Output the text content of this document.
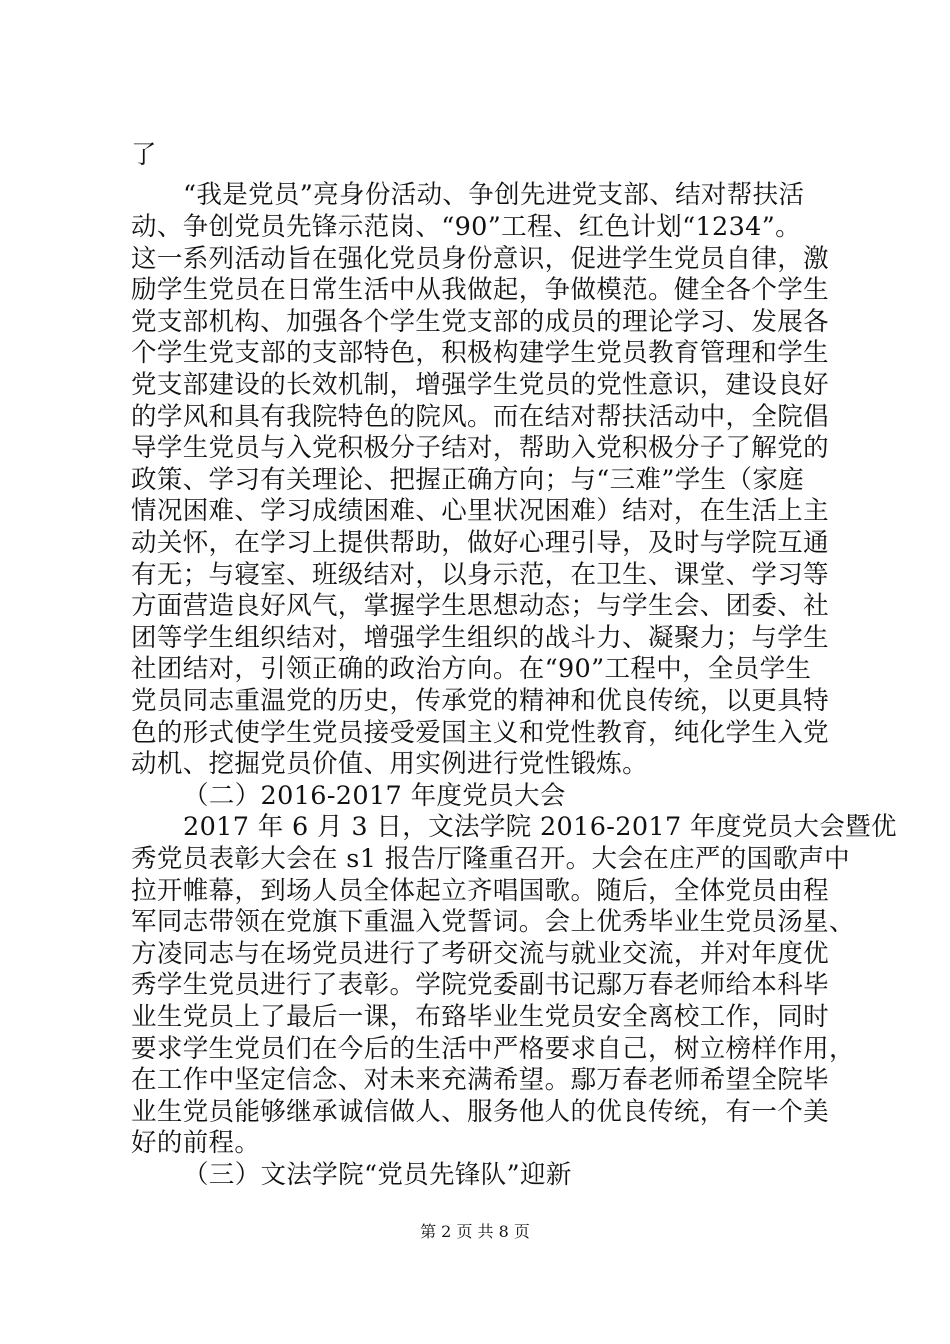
了
“我是党员”亮身份活动、争创先进党支部、结对帮扶活
动、争创党员先锋示范岗、“90”工程、红色计划“1234”。
这一系列活动旨在强化党员身份意识，促进学生党员自律，激
励学生党员在日常生活中从我做起，争做模范。健全各个学生
党支部机构、加强各个学生党支部的成员的理论学习、发展各
个学生党支部的支部特色，积极构建学生党员教育管理和学生
党支部建设的长效机制，增强学生党员的党性意识，建设良好
的学风和具有我院特色的院风。而在结对帮扶活动中，全院倡
导学生党员与入党积极分子结对，帮助入党积极分子了解党的
政策、学习有关理论、把握正确方向；与“三难”学生（家庭
情况困难、学习成绩困难、心里状况困难）结对，在生活上主
动关怀，在学习上提供帮助，做好心理引导，及时与学院互通
有无；与寝室、班级结对，以身示范，在卫生、课堂、学习等
方面营造良好风气，掌握学生思想动态；与学生会、团委、社
团等学生组织结对，增强学生组织的战斗力、凝聚力；与学生
社团结对，引领正确的政治方向。在“90”工程中，全员学生
党员同志重温党的历史，传承党的精神和优良传统，以更具特
色的形式使学生党员接受爱国主义和党性教育，纯化学生入党
动机、挖掘党员价值、用实例进行党性锻炼。
（二）2016-2017 年度党员大会
2017 年 6 月 3 日，文法学院 2016-2017 年度党员大会暨优
秀党员表彰大会在 s1 报告厅隆重召开。大会在庄严的国歌声中
拉开帷幕，到场人员全体起立齐唱国歌。随后，全体党员由程
军同志带领在党旗下重温入党誓词。会上优秀毕业生党员汤星、
方凌同志与在场党员进行了考研交流与就业交流，并对年度优
秀学生党员进行了表彰。学院党委副书记鄢万春老师给本科毕
业生党员上了最后一课，布臵毕业生党员安全离校工作，同时
要求学生党员们在今后的生活中严格要求自己，树立榜样作用，
在工作中坚定信念、对未来充满希望。鄢万春老师希望全院毕
业生党员能够继承诚信做人、服务他人的优良传统，有一个美
好的前程。
（三）文法学院“党员先锋队”迎新
第 2 页 共 8 页
